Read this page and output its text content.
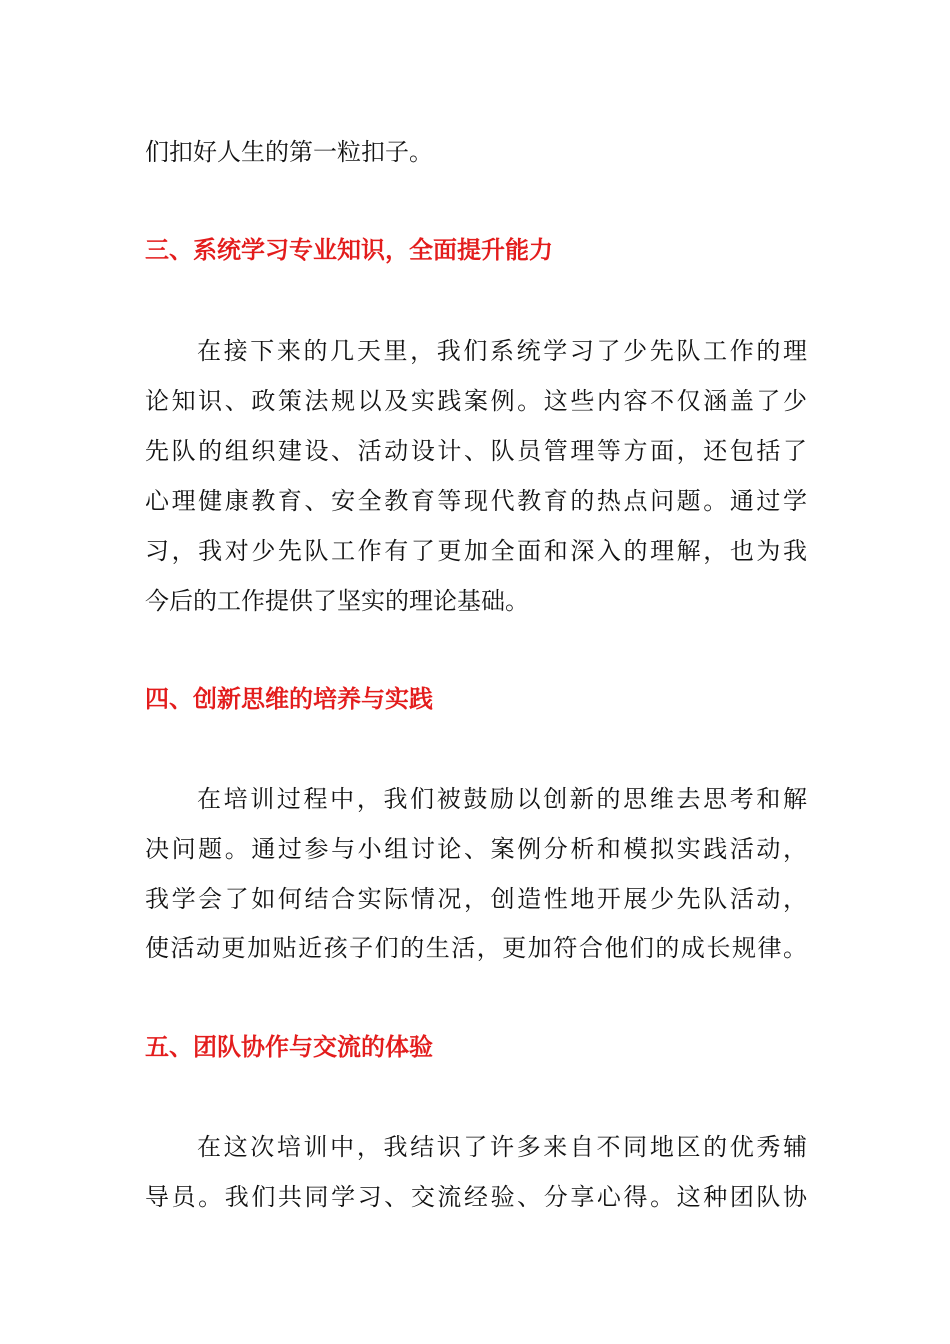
们扣好人生的第一粒扣子。
三、系统学习专业知识，全面提升能力
在接下来的几天里，我们系统学习了少先队工作的理
论知识、政策法规以及实践案例。这些内容不仅涵盖了少
先队的组织建设、活动设计、队员管理等方面，还包括了
心理健康教育、安全教育等现代教育的热点问题。通过学
习，我对少先队工作有了更加全面和深入的理解，也为我
今后的工作提供了坚实的理论基础。
四、创新思维的培养与实践
在培训过程中，我们被鼓励以创新的思维去思考和解
决问题。通过参与小组讨论、案例分析和模拟实践活动，
我学会了如何结合实际情况，创造性地开展少先队活动，
使活动更加贴近孩子们的生活，更加符合他们的成长规律。
五、团队协作与交流的体验
在这次培训中，我结识了许多来自不同地区的优秀辅
导员。我们共同学习、交流经验、分享心得。这种团队协
